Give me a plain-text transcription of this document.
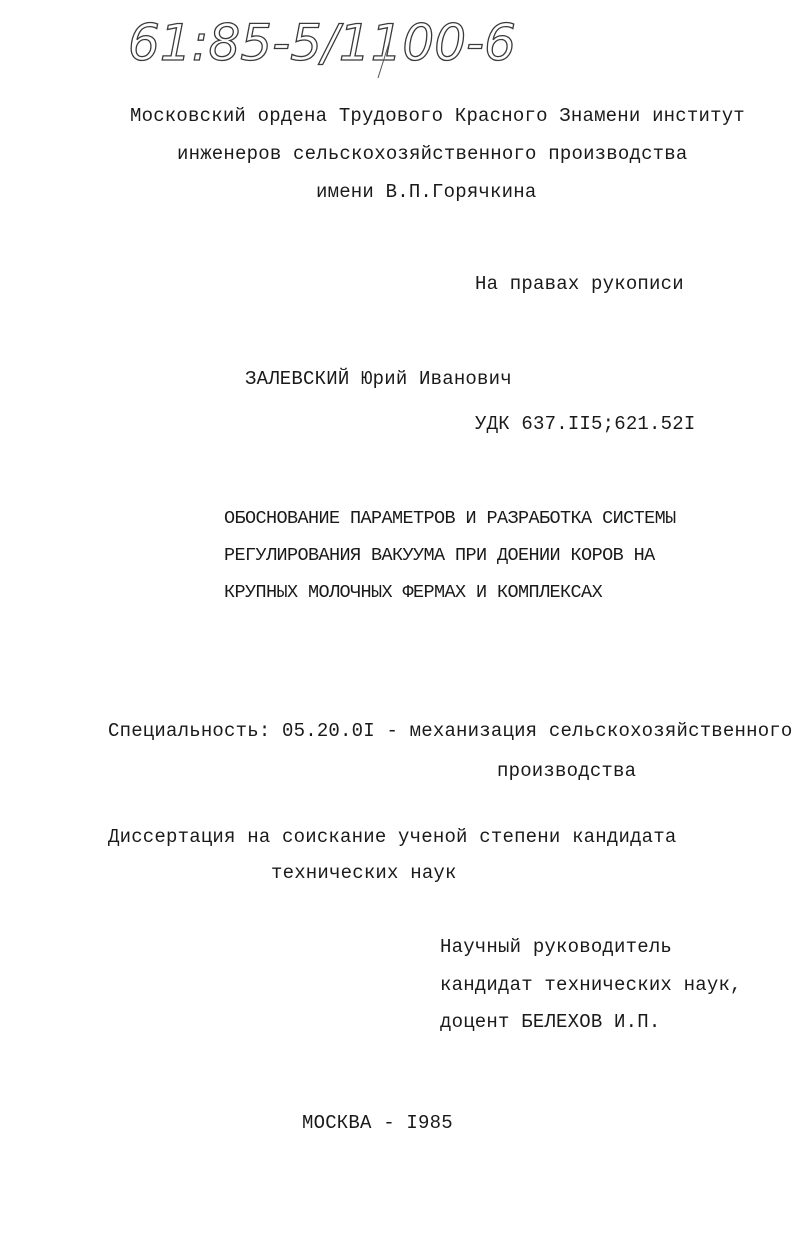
61:85-5/1100-6
Московский ордена Трудового Красного Знамени институт
инженеров сельскохозяйственного производства
имени В.П.Горячкина
На правах рукописи
ЗАЛЕВСКИЙ Юрий Иванович
УДК 637.II5;621.52I
ОБОСНОВАНИЕ ПАРАМЕТРОВ И РАЗРАБОТКА СИСТЕМЫ
РЕГУЛИРОВАНИЯ ВАКУУМА ПРИ ДОЕНИИ КОРОВ НА
КРУПНЫХ МОЛОЧНЫХ ФЕРМАХ И КОМПЛЕКСАХ
Специальность: 05.20.0I - механизация сельскохозяйственного
производства
Диссертация на соискание ученой степени кандидата
технических наук
Научный руководитель
кандидат технических наук,
доцент БЕЛЕХОВ И.П.
МОСКВА - I985
